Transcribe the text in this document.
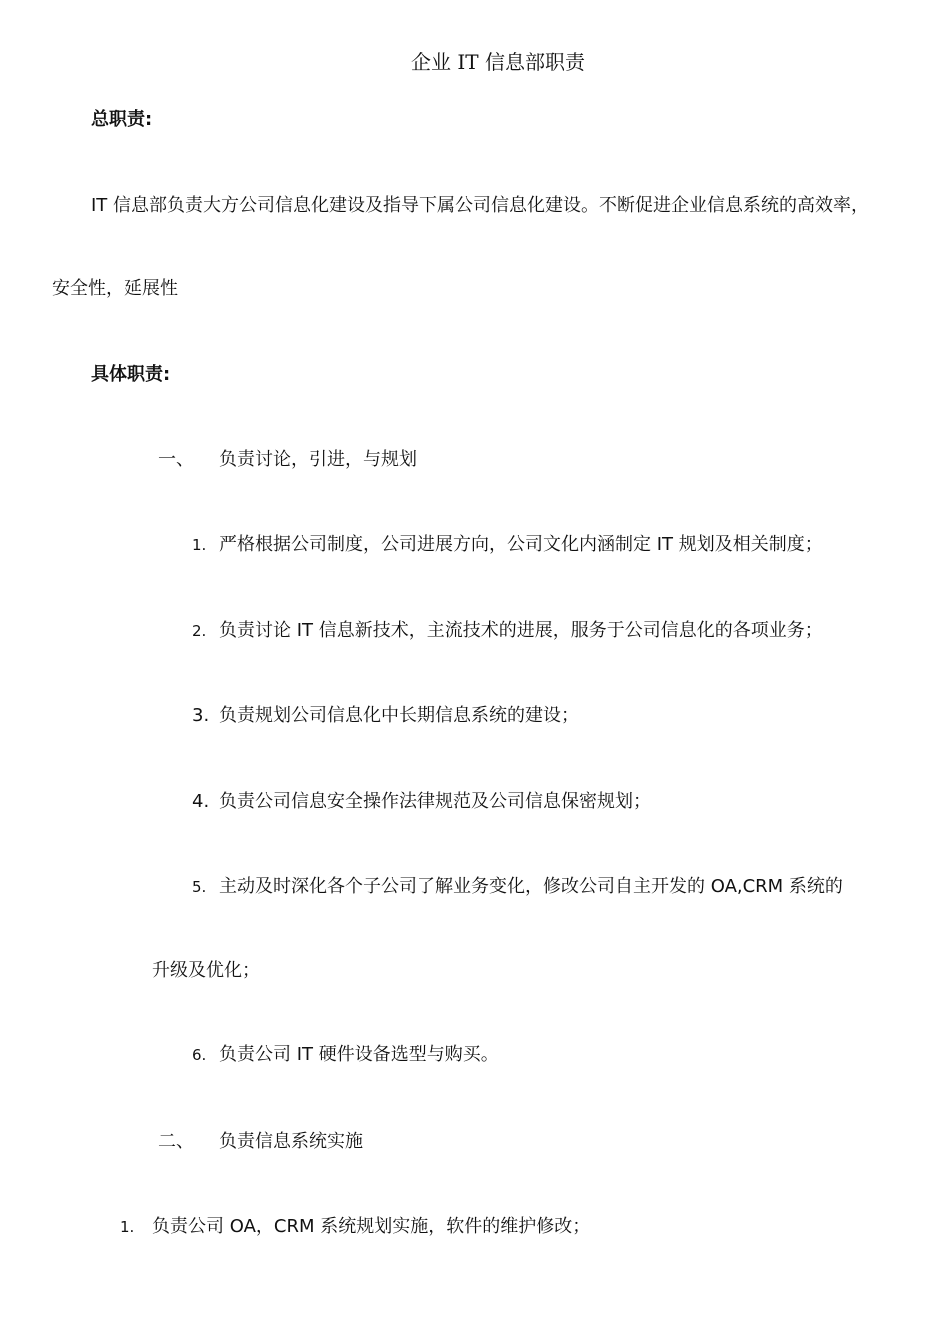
企业 IT 信息部职责
总职责:
IT 信息部负责大方公司信息化建设及指导下属公司信息化建设。不断促进企业信息系统的高效率，
安全性，延展性
具体职责:
一、 负责讨论，引进，与规划
1. 严格根据公司制度，公司进展方向，公司文化内涵制定 IT 规划及相关制度；
2. 负责讨论 IT 信息新技术，主流技术的进展，服务于公司信息化的各项业务；
3. 负责规划公司信息化中长期信息系统的建设；
4. 负责公司信息安全操作法律规范及公司信息保密规划；
5. 主动及时深化各个子公司了解业务变化，修改公司自主开发的 OA,CRM 系统的
升级及优化；
6. 负责公司 IT 硬件设备选型与购买。
二、 负责信息系统实施
1. 负责公司 OA，CRM 系统规划实施，软件的维护修改；
